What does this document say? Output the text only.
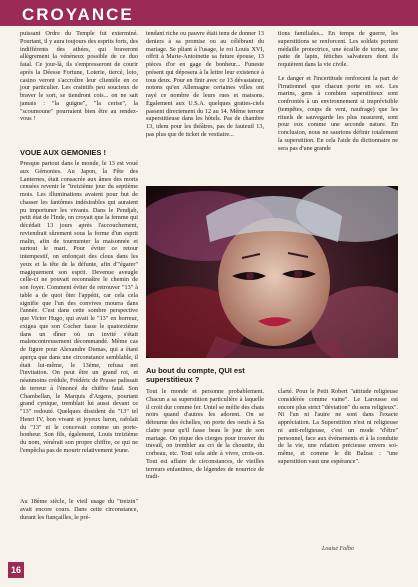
CROYANCE

puissant Ordre du Temple fut exterminé. Pourtant, il y aura toujours des esprits forts, des indifférents des athées, qui braveront allègrement la vénéneux possible de ce duo fatal. Ce jour-là, ils s'empresseront de courir après la Déesse Fortune, Loterie, tiercé, loto, casino veront s'accroître leur clientèle en ce jour particulier. Les craintifs peu soucieux de braver le sort, se tiendront cois... on ne sait jamais : "la guigne", "la cerise", la "scoumoune" pourraient bien être au rendez-vous !

VOUE AUX GEMONIES !

Presque partout dans le monde, le 13 est voué aux Gémonies. Au Japon, la Fête des Lanternes, était consacrée aux âmes des morts censées revenir le "treizième jour du septième mois. Les illuminations avaient pour but de chasser les fantômes indésirables qui auraient pu importuner les vivants. Dans le Pendjab, petit état de l'Inde, on croyait que la femme qui décédait 13 jours après l'accouchement, reviendrait sûrement sous la forme d'un esprit malin, afin de tourmenter la maisonnée et surtout le mari. Pour éviter ce retour intempestif, on enfonçait des clous dans les yeux et la tête de la défunte, afin d'"égarer" magiquement son esprit. Devenue aveugle celle-ci ne pouvait reconnaître le chemin de son foyer. Comment éviter de retrouver "13" à table a de quoi ôter l'appétit, car cela cela signifie que l'un des convives mourra dans l'année. C'est dans cette sombre perspective que Victor Hugo, qui avait le "13" en horreur, exigea que son Cocher fasse le quatorzième dans un dîner où un invité s'était malencontreusement décommandé. Même cas de figure pour Alexandre Dumas, qui a étant aperçu que dans une circonstance semblable, il était lui-même, le 13ème, refusa net l'invitation. On peut être un grand roi, et néanmoins crédule, Frédéric de Prusse palissait de terreur à l'énoncé du chiffre fatal. Son Chambellan, le Marquis d'Argens, pourtant grand cynique, tremblait lui aussi devant ce "13" redouté. Quelques dissident du "13" tel Henri IV, bon vivant et joyeux luron, rafolait du "13" et le concevait comme un porte-bonheur. Son fils, également, Louis treizième du nom, vénérait son propre chiffre, ce qui ne l'empêcha pas de mourir relativement jeune.

Au 18ème siècle, le vieil usage du "treizin" avait encore cours. Dans cette circonstance, durant les fiançailles, le pré-

tendant riche ou pauvre était tenu de donner 13 deniers à sa promise ou au célébrant du mariage. Se pliant à l'usage, le roi Louis XVI, offrit à Marie-Antoinette sa future épouse, 13 pièces d'or en gage de bonheur... Funeste présent qui déposera à la lettre leur existence à tous deux. Pour en finir avec ce 13 dévastateur, notons qu'en Allemagne certaines villes ont rayé ce nombre de leurs rues et maisons. Également aux U.S.A. quelques grattes-ciels passent directement du 12 au 14. Même terreur superstitieuse dans les hôtels. Pas de chambre 13, idem pour les théâtres, pas de fauteuil 13, pas plus que de ticket de vestiaire...

tions familiales... En temps de guerre, les superstitions se renforcent. Les soldats portent médaille protectrice, une écaille de tortue, une patte de lapin, fétiches salvateurs dont ils requièrent dans la vie civile.

Le danger et l'incertitude renforcent la part de l'irrationnel que chacun porte en soi. Les marins, gens à combien superstitieux sont confrontés à un environnement si imprévisible (tempêtes, coups de vent, naufrage) que les rituels de sauvegarde les plus rassurent, sont pour eux comme une seconde nature. En conclusion, nous ne saurions définir totalement la superstition. En cela l'aide du dictionnaire ne sera pas d'une grande

Au bout du compte, QUI est superstitieux ?

Tout le monde et personne probablement. Chacun a sa superstition particulière à laquelle il croit dur comme fer. Untel se méfie des chats noirs quand d'autres les adorent. On se détourne des échelles, on porte des oeufs à Sa claire pour qu'il fasse beau le jour de son mariage. On pique des cierges pour trouver du travail, on trembler au cri de la chouette, du corbeau, etc. Tout cela aide à vivre, crois-on. Tout est affaire de circonstances, de vieilles terreurs enfantines, de légendes de nourrice de tradi-

clarté. Pour le Petit Robert "attitude religieuse considérée comme vaine". Le Larousse est encore plus strict "déviation" du sens religieux". Ni l'un ni l'autre ne sont dans l'exacte appréciation. La Superstition n'est ni religieuse ni anti-religieuse, c'est un mode "d'être" personnel, face aux événements et à la conduite de la vie, une relation précieuse envers soi-même, et comme le dit Balzac : "une superstition vaut une espérance".

Louise Falbo
16
